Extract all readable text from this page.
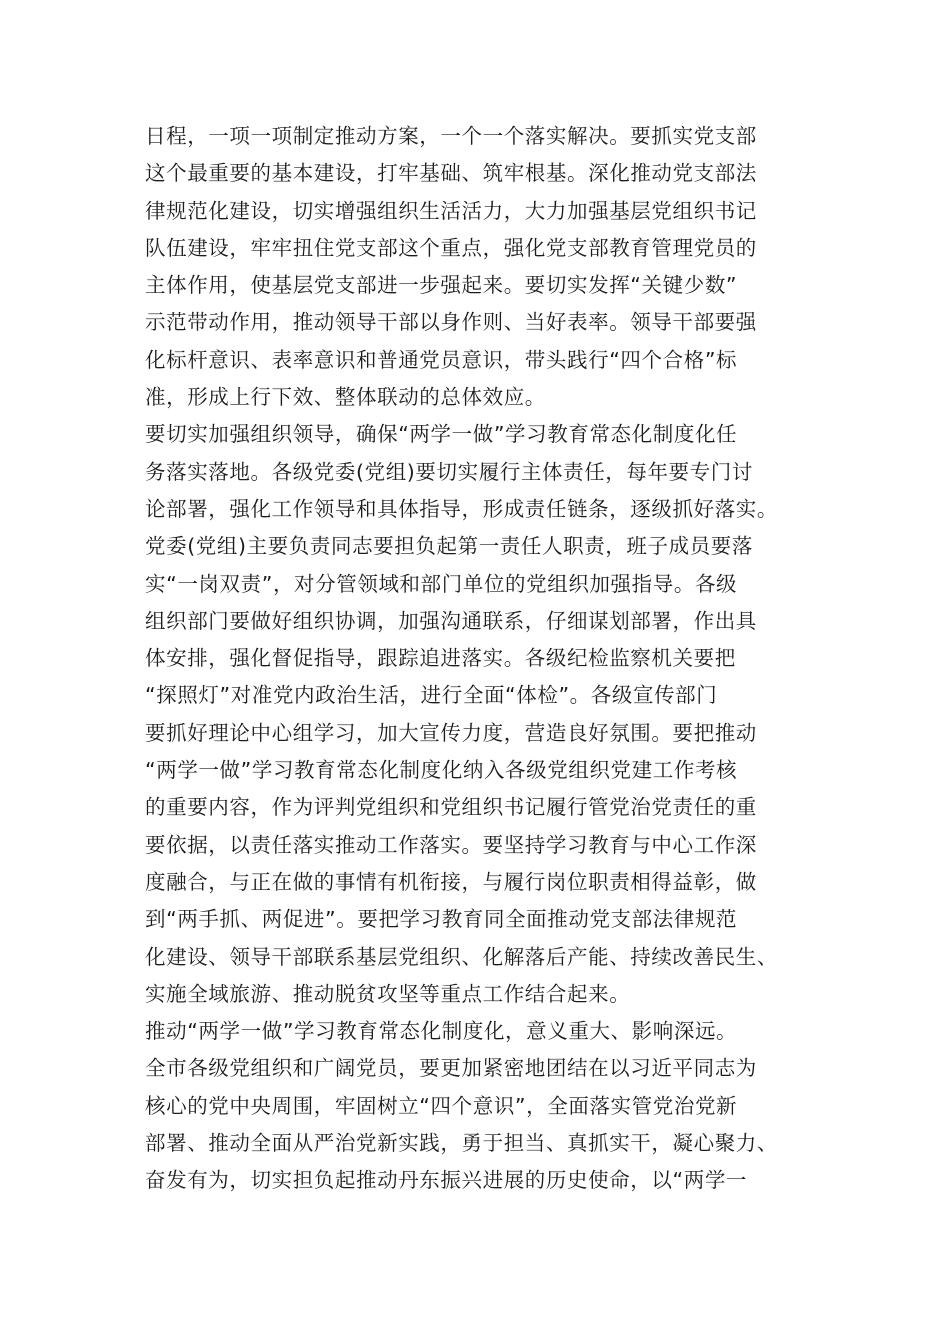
日程，一项一项制定推动方案，一个一个落实解决。要抓实党支部
这个最重要的基本建设，打牢基础、筑牢根基。深化推动党支部法
律规范化建设，切实增强组织生活活力，大力加强基层党组织书记
队伍建设，牢牢扭住党支部这个重点，强化党支部教育管理党员的
主体作用，使基层党支部进一步强起来。要切实发挥“关键少数”
示范带动作用，推动领导干部以身作则、当好表率。领导干部要强
化标杆意识、表率意识和普通党员意识，带头践行“四个合格”标
准，形成上行下效、整体联动的总体效应。
要切实加强组织领导，确保“两学一做”学习教育常态化制度化任
务落实落地。各级党委(党组)要切实履行主体责任，每年要专门讨
论部署，强化工作领导和具体指导，形成责任链条，逐级抓好落实。
党委(党组)主要负责同志要担负起第一责任人职责，班子成员要落
实“一岗双责”，对分管领域和部门单位的党组织加强指导。各级
组织部门要做好组织协调，加强沟通联系，仔细谋划部署，作出具
体安排，强化督促指导，跟踪追进落实。各级纪检监察机关要把
“探照灯”对准党内政治生活，进行全面“体检”。各级宣传部门
要抓好理论中心组学习，加大宣传力度，营造良好氛围。要把推动
“两学一做”学习教育常态化制度化纳入各级党组织党建工作考核
的重要内容，作为评判党组织和党组织书记履行管党治党责任的重
要依据，以责任落实推动工作落实。要坚持学习教育与中心工作深
度融合，与正在做的事情有机衔接，与履行岗位职责相得益彰，做
到“两手抓、两促进”。要把学习教育同全面推动党支部法律规范
化建设、领导干部联系基层党组织、化解落后产能、持续改善民生、
实施全域旅游、推动脱贫攻坚等重点工作结合起来。
推动“两学一做”学习教育常态化制度化，意义重大、影响深远。
全市各级党组织和广阔党员，要更加紧密地团结在以习近平同志为
核心的党中央周围，牢固树立“四个意识”，全面落实管党治党新
部署、推动全面从严治党新实践，勇于担当、真抓实干，凝心聚力、
奋发有为，切实担负起推动丹东振兴进展的历史使命，以“两学一
